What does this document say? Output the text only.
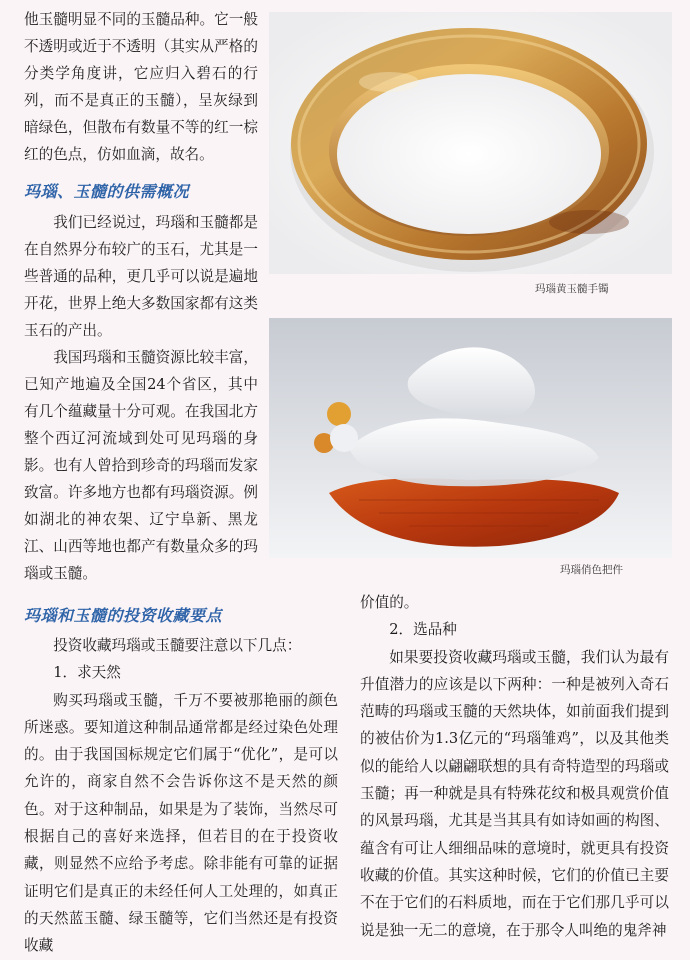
他玉髓明显不同的玉髓品种。它一般不透明或近于不透明（其实从严格的分类学角度讲，它应归入碧石的行列，而不是真正的玉髓），呈灰绿到暗绿色，但散布有数量不等的红一棕红的色点，仿如血滴，故名。

玛瑙、玉髓的供需概况

我们已经说过，玛瑙和玉髓都是在自然界分布较广的玉石，尤其是一些普通的品种，更几乎可以说是遍地开花，世界上绝大多数国家都有这类玉石的产出。

我国玛瑙和玉髓资源比较丰富，已知产地遍及全国24个省区，其中有几个蕴藏量十分可观。在我国北方整个西辽河流域到处可见玛瑙的身影。也有人曾拾到珍奇的玛瑙而发家致富。许多地方也都有玛瑙资源。例如湖北的神农架、辽宁阜新、黑龙江、山西等地也都产有数量众多的玛瑙或玉髓。

玛瑙黄玉髓手镯
玛瑙俏色把件
玛瑙和玉髓的投资收藏要点

投资收藏玛瑙或玉髓要注意以下几点：

1．求天然

购买玛瑙或玉髓，千万不要被那艳丽的颜色所迷惑。要知道这种制品通常都是经过染色处理的。由于我国国标规定它们属于“优化”，是可以允许的，商家自然不会告诉你这不是天然的颜色。对于这种制品，如果是为了装饰，当然尽可根据自己的喜好来选择，但若目的在于投资收藏，则显然不应给予考虑。除非能有可靠的证据证明它们是真正的未经任何人工处理的，如真正的天然蓝玉髓、绿玉髓等，它们当然还是有投资收藏

价值的。

2．选品种

如果要投资收藏玛瑙或玉髓，我们认为最有升值潜力的应该是以下两种：一种是被列入奇石范畴的玛瑙或玉髓的天然块体，如前面我们提到的被估价为1.3亿元的“玛瑙雏鸡”，以及其他类似的能给人以翩翩联想的具有奇特造型的玛瑙或玉髓；再一种就是具有特殊花纹和极具观赏价值的风景玛瑙，尤其是当其具有如诗如画的构图、蕴含有可让人细细品味的意境时，就更具有投资收藏的价值。其实这种时候，它们的价值已主要不在于它们的石料质地，而在于它们那几乎可以说是独一无二的意境，在于那令人叫绝的鬼斧神
